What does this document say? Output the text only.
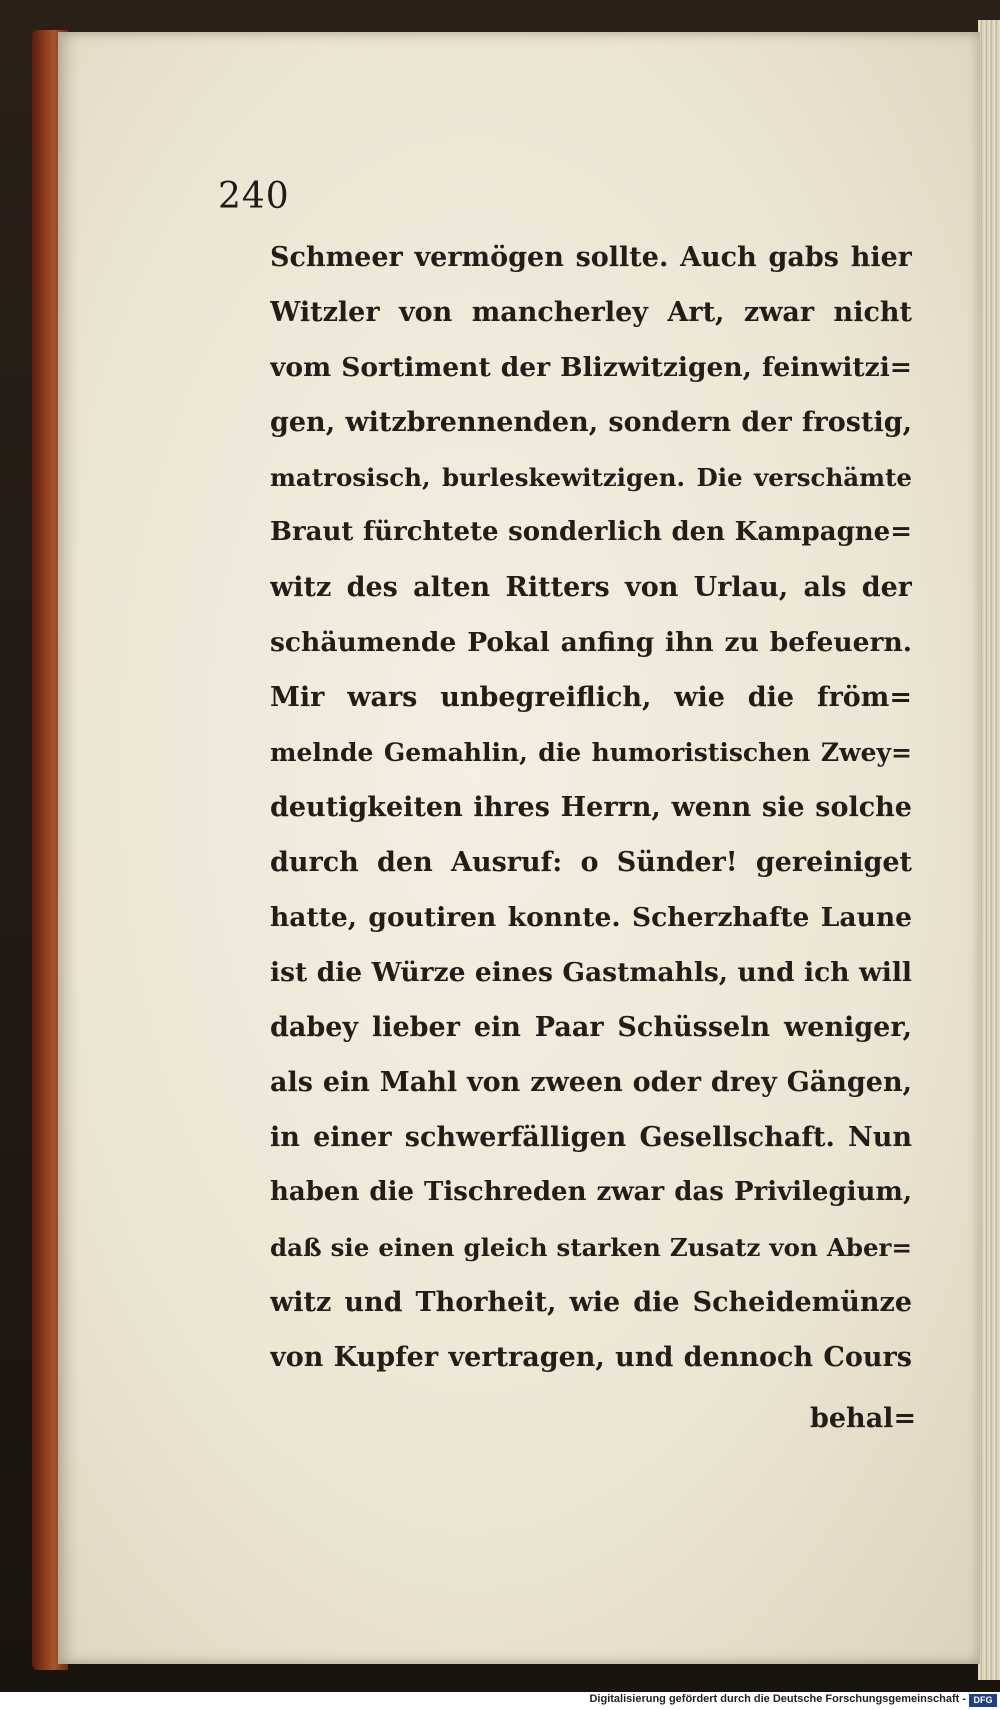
240
Schmeer vermögen sollte. Auch gabs hier
Witzler von mancherley Art, zwar nicht
vom Sortiment der Blizwitzigen, feinwitzi=
gen, witzbrennenden, sondern der frostig,
matrosisch, burleskewitzigen. Die verschämte
Braut fürchtete sonderlich den Kampagne=
witz des alten Ritters von Urlau, als der
schäumende Pokal anfing ihn zu befeuern.
Mir wars unbegreiflich, wie die fröm=
melnde Gemahlin, die humoristischen Zwey=
deutigkeiten ihres Herrn, wenn sie solche
durch den Ausruf: o Sünder! gereiniget
hatte, goutiren konnte. Scherzhafte Laune
ist die Würze eines Gastmahls, und ich will
dabey lieber ein Paar Schüsseln weniger,
als ein Mahl von zween oder drey Gängen,
in einer schwerfälligen Gesellschaft. Nun
haben die Tischreden zwar das Privilegium,
daß sie einen gleich starken Zusatz von Aber=
witz und Thorheit, wie die Scheidemünze
von Kupfer vertragen, und dennoch Cours
behal=
Digitalisierung gefördert durch die Deutsche Forschungsgemeinschaft - DFG
